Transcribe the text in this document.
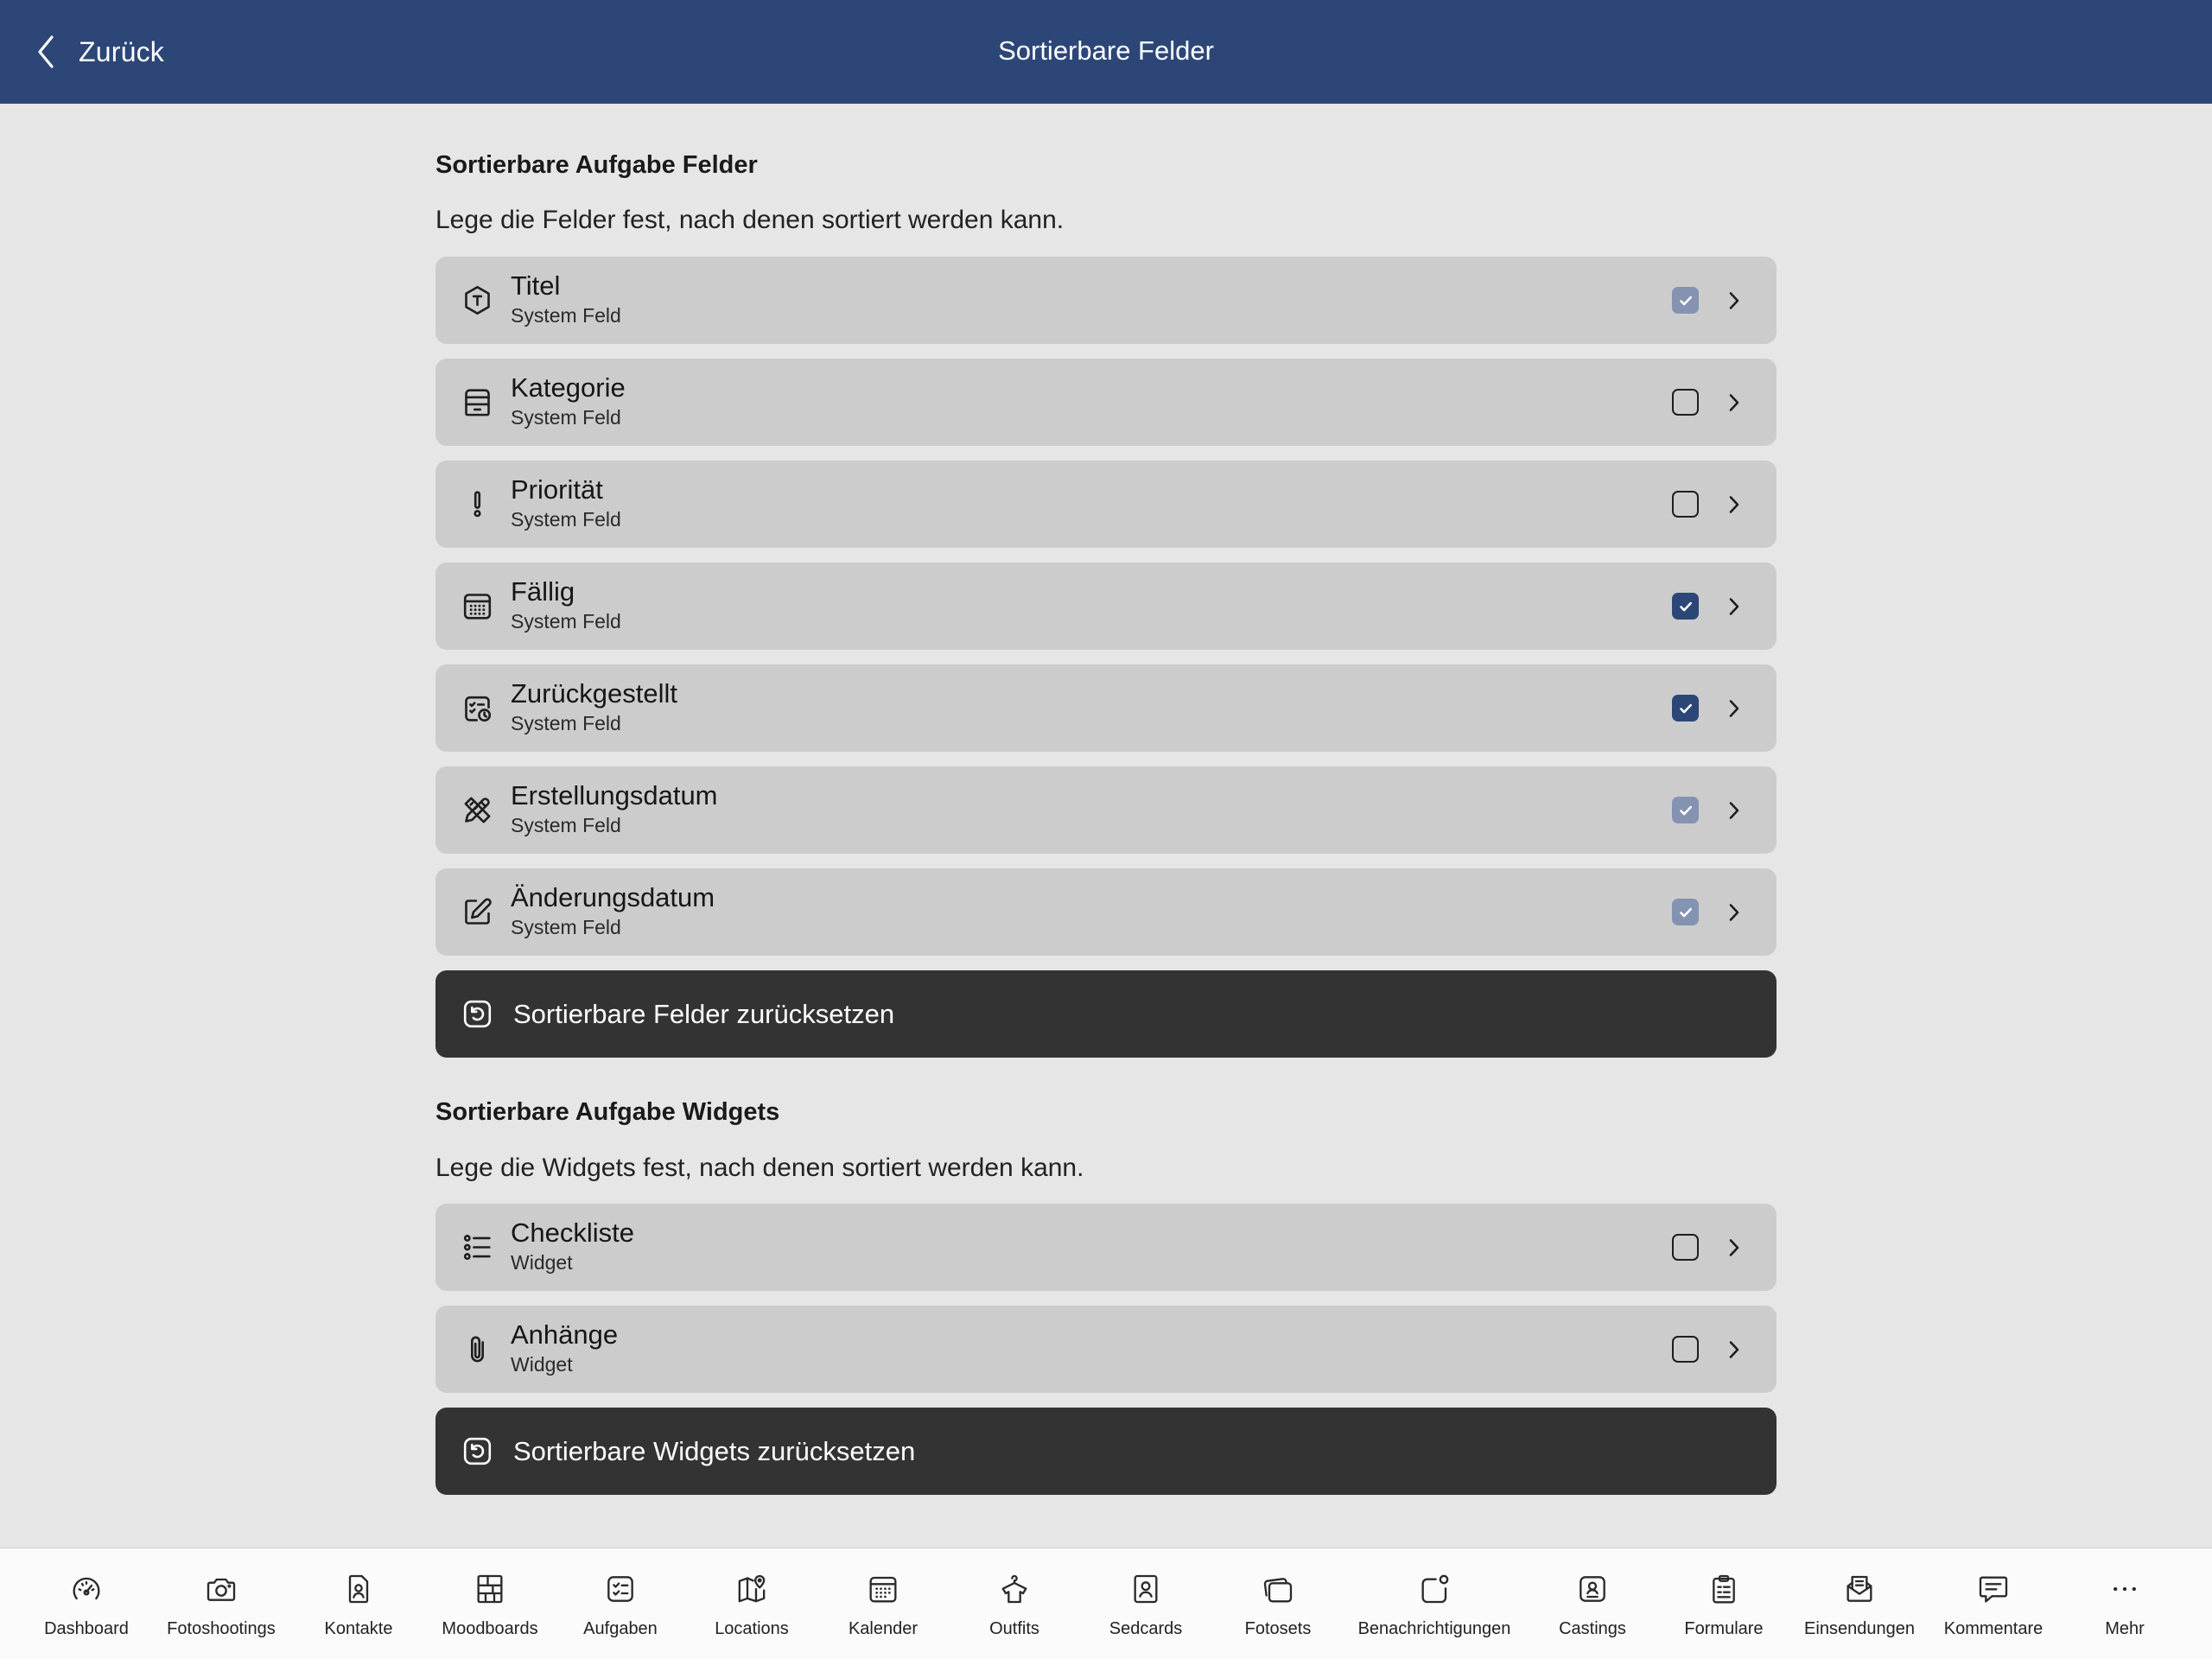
Zurück	Sortierbare Felder
Sortierbare Aufgabe Felder
Lege die Felder fest, nach denen sortiert werden kann.
Titel
System Feld
Kategorie
System Feld
Priorität
System Feld
Fällig
System Feld
Zurückgestellt
System Feld
Erstellungsdatum
System Feld
Änderungsdatum
System Feld
Sortierbare Felder zurücksetzen
Sortierbare Aufgabe Widgets
Lege die Widgets fest, nach denen sortiert werden kann.
Checkliste
Widget
Anhänge
Widget
Sortierbare Widgets zurücksetzen
Dashboard	Fotoshootings	Kontakte	Moodboards	Aufgaben	Locations	Kalender	Outfits	Sedcards	Fotosets	Benachrichtigungen	Castings	Formulare	Einsendungen	Kommentare	Mehr
